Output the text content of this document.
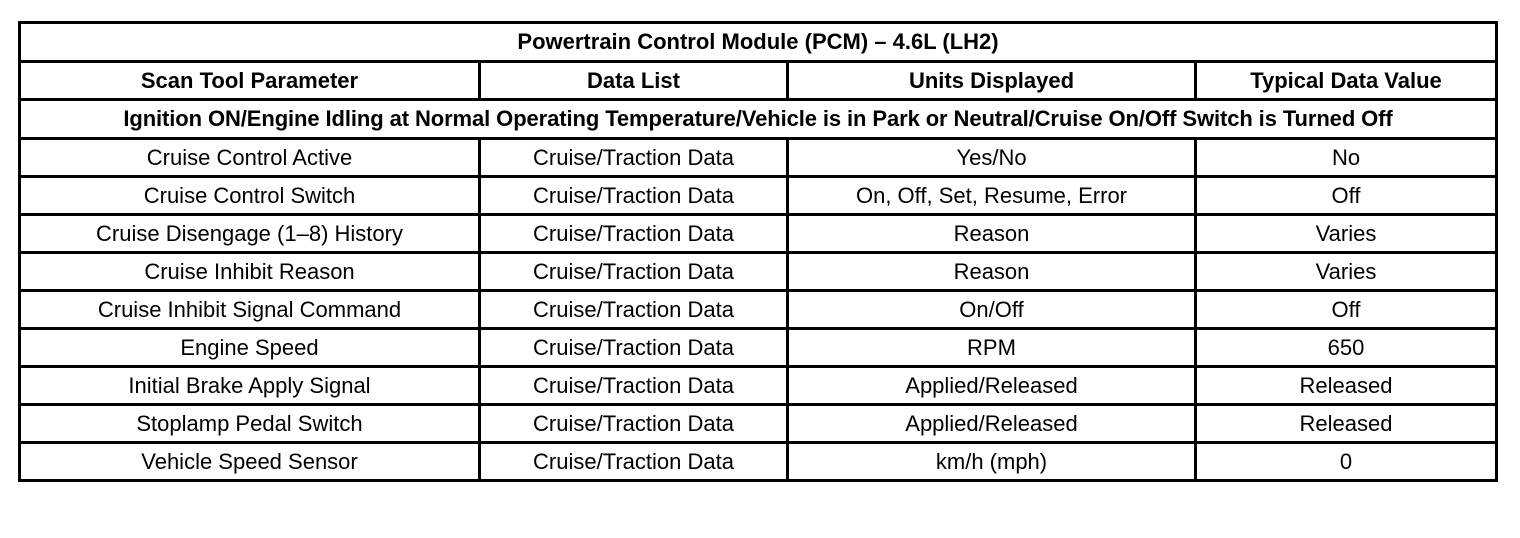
Powertrain Control Module (PCM) – 4.6L (LH2)			
Scan Tool Parameter	Data List	Units Displayed	Typical Data Value
Ignition ON/Engine Idling at Normal Operating Temperature/Vehicle is in Park or Neutral/Cruise On/Off Switch is Turned Off			
Cruise Control Active	Cruise/Traction Data	Yes/No	No
Cruise Control Switch	Cruise/Traction Data	On, Off, Set, Resume, Error	Off
Cruise Disengage (1–8) History	Cruise/Traction Data	Reason	Varies
Cruise Inhibit Reason	Cruise/Traction Data	Reason	Varies
Cruise Inhibit Signal Command	Cruise/Traction Data	On/Off	Off
Engine Speed	Cruise/Traction Data	RPM	650
Initial Brake Apply Signal	Cruise/Traction Data	Applied/Released	Released
Stoplamp Pedal Switch	Cruise/Traction Data	Applied/Released	Released
Vehicle Speed Sensor	Cruise/Traction Data	km/h (mph)	0
